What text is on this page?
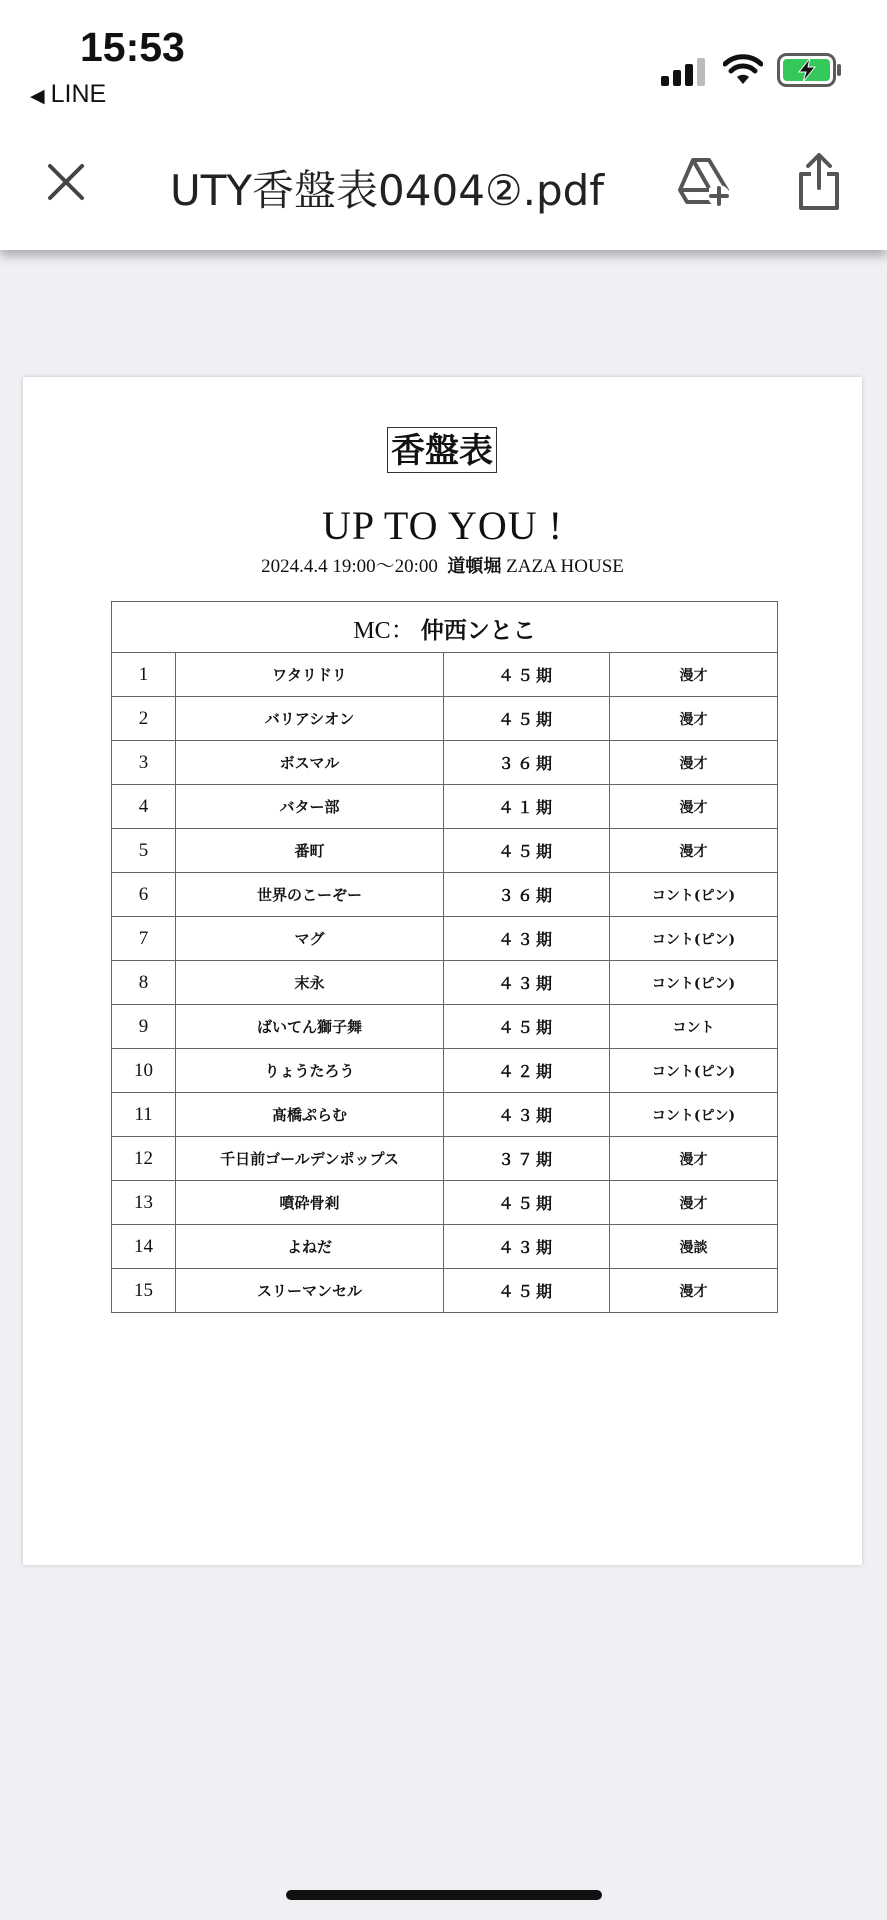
15:53
◀ LINE
UTY香盤表0404②.pdf
香盤表
UP TO YOU !
2024.4.4 19:00〜20:00 道頓堀 ZAZA HOUSE
MC： 仲西ンとこ			
1	ワタリドリ	４５期	漫才
2	バリアシオン	４５期	漫才
3	ボスマル	３６期	漫才
4	バター部	４１期	漫才
5	番町	４５期	漫才
6	世界のこーぞー	３６期	コント(ピン)
7	マグ	４３期	コント(ピン)
8	末永	４３期	コント(ピン)
9	ばいてん獅子舞	４５期	コント
10	りょうたろう	４２期	コント(ピン)
11	髙橋ぷらむ	４３期	コント(ピン)
12	千日前ゴールデンポップス	３７期	漫才
13	噴砕骨剎	４５期	漫才
14	よねだ	４３期	漫談
15	スリーマンセル	４５期	漫才
